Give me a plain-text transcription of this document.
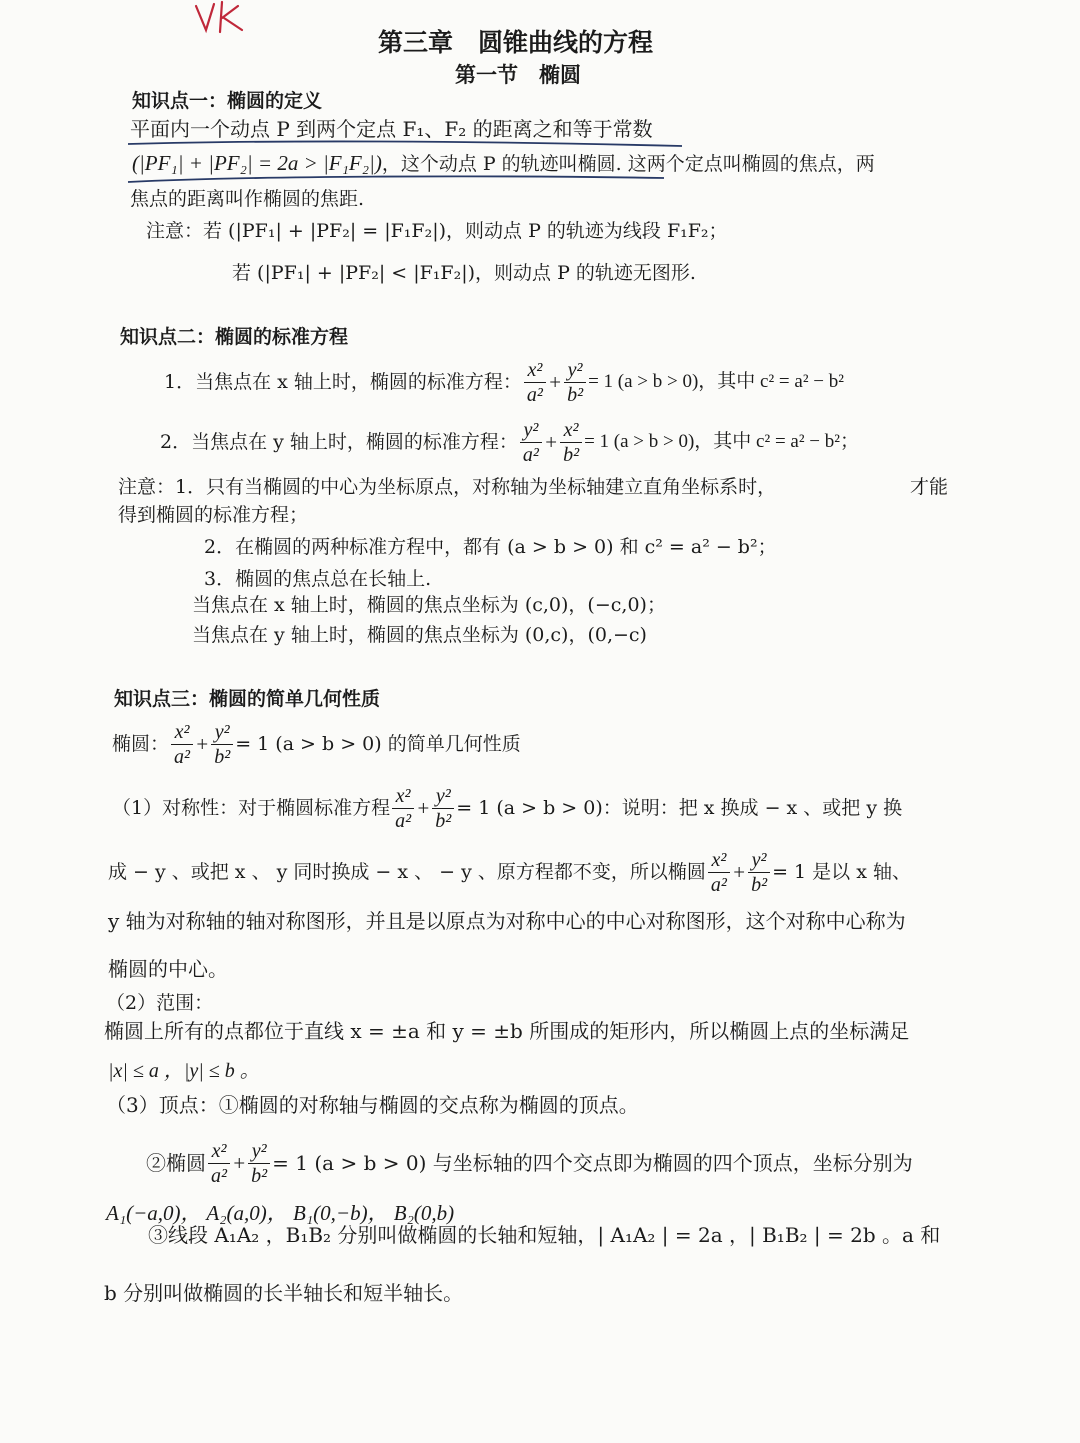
第三章　圆锥曲线的方程
第一节　椭圆
知识点一：椭圆的定义
平面内一个动点 P 到两个定点 F₁、F₂ 的距离之和等于常数
(|PF₁| + |PF₂| = 2a > |F₁F₂|)，这个动点 P 的轨迹叫椭圆. 这两个定点叫椭圆的焦点，两
焦点的距离叫作椭圆的焦距.
注意：若 (|PF₁| + |PF₂| = |F₁F₂|)，则动点 P 的轨迹为线段 F₁F₂；
若 (|PF₁| + |PF₂| < |F₁F₂|)，则动点 P 的轨迹无图形.
知识点二：椭圆的标准方程
1．当焦点在 x 轴上时，椭圆的标准方程： $\frac{\text{x²}}{\text{a²}} + \frac{\text{y²}}{\text{b²}} = 1$ (a > b > 0)，其中 c² = a² − b²
2．当焦点在 y 轴上时，椭圆的标准方程： $\frac{\text{y²}}{\text{a²}} + \frac{\text{x²}}{\text{b²}} = 1$ (a > b > 0)，其中 c² = a² − b²；
注意：1．只有当椭圆的中心为坐标原点，对称轴为坐标轴建立直角坐标系时，	才能
得到椭圆的标准方程；
2．在椭圆的两种标准方程中，都有 (a > b > 0) 和 c² = a² − b²；
3．椭圆的焦点总在长轴上.
当焦点在 x 轴上时，椭圆的焦点坐标为 (c,0)，(−c,0)；
当焦点在 y 轴上时，椭圆的焦点坐标为 (0,c)，(0,−c)
知识点三：椭圆的简单几何性质
椭圆： $\frac{\text{x²}}{\text{a²}} + \frac{\text{y²}}{\text{b²}} = 1$ (a > b > 0) 的简单几何性质
（1）对称性：对于椭圆标准方程 $\frac{\text{x²}}{\text{a²}} + \frac{\text{y²}}{\text{b²}} = 1$ (a > b > 0)：说明：把 x 换成 − x 、或把 y 换
成 − y 、或把 x 、 y 同时换成 − x 、 − y 、原方程都不变，所以椭圆 $\frac{\text{x²}}{\text{a²}} + \frac{\text{y²}}{\text{b²}} = 1$ 是以 x 轴、
y 轴为对称轴的轴对称图形，并且是以原点为对称中心的中心对称图形，这个对称中心称为
椭圆的中心。
（2）范围：
椭圆上所有的点都位于直线 x = ±a 和 y = ±b 所围成的矩形内，所以椭圆上点的坐标满足
|x| ≤ a ，|y| ≤ b 。
（3）顶点：①椭圆的对称轴与椭圆的交点称为椭圆的顶点。
②椭圆 $\frac{\text{x²}}{\text{a²}} + \frac{\text{y²}}{\text{b²}} = 1$ (a > b > 0) 与坐标轴的四个交点即为椭圆的四个顶点，坐标分别为
A₁(−a,0)， A₂(a,0)， B₁(0,−b)， B₂(0,b)
③线段 A₁A₂ ，B₁B₂ 分别叫做椭圆的长轴和短轴，| A₁A₂ | = 2a ，| B₁B₂ | = 2b 。a 和
b 分别叫做椭圆的长半轴长和短半轴长。
